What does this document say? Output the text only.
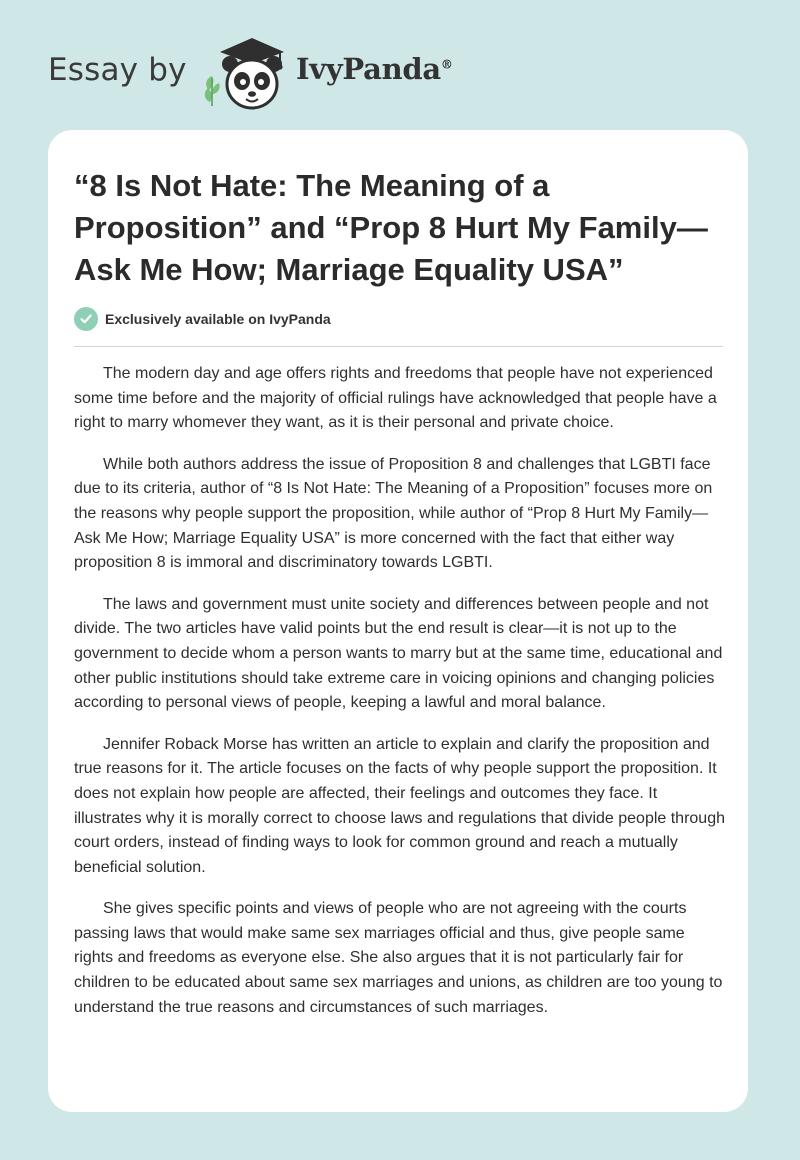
Essay by	IvyPanda®
“8 Is Not Hate: The Meaning of a Proposition” and “Prop 8 Hurt My Family—Ask Me How; Marriage Equality USA”
Exclusively available on IvyPanda

The modern day and age offers rights and freedoms that people have not experienced some time before and the majority of official rulings have acknowledged that people have a right to marry whomever they want, as it is their personal and private choice.

While both authors address the issue of Proposition 8 and challenges that LGBTI face due to its criteria, author of “8 Is Not Hate: The Meaning of a Proposition” focuses more on the reasons why people support the proposition, while author of “Prop 8 Hurt My Family—Ask Me How; Marriage Equality USA” is more concerned with the fact that either way proposition 8 is immoral and discriminatory towards LGBTI.

The laws and government must unite society and differences between people and not divide. The two articles have valid points but the end result is clear—it is not up to the government to decide whom a person wants to marry but at the same time, educational and other public institutions should take extreme care in voicing opinions and changing policies according to personal views of people, keeping a lawful and moral balance.

Jennifer Roback Morse has written an article to explain and clarify the proposition and true reasons for it. The article focuses on the facts of why people support the proposition. It does not explain how people are affected, their feelings and outcomes they face. It illustrates why it is morally correct to choose laws and regulations that divide people through court orders, instead of finding ways to look for common ground and reach a mutually beneficial solution.

She gives specific points and views of people who are not agreeing with the courts passing laws that would make same sex marriages official and thus, give people same rights and freedoms as everyone else. She also argues that it is not particularly fair for children to be educated about same sex marriages and unions, as children are too young to understand the true reasons and circumstances of such marriages.
